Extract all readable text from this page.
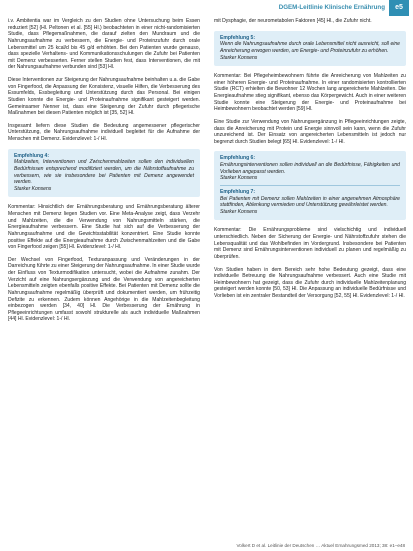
DGEM-Leitlinie Klinische Ernährung	e5

i.v. Ambitentia war im Vergleich zu den Studien ohne Untersuchung beim Essen reduziert [52] (Hl. Peltonen et al. [55] Hl.) beobachteten in einer nicht-randomisierten Studie, dass Pflegemaßnahmen, die darauf zielten den Mundraum und die Nahrungsaufnahme zu verbessern, die Energie- und Proteinzufuhr durch orale Lebensmittel um 25 kcal/d bis 45 g/d erhöhten. Bei den Patienten wurde genauso, dass spezielle Verhaltens- und Kommunikationsschulungen die Zufuhr bei Patienten mit Demenz verbesserten. Ferner stellen Studien fest, dass Interventionen, die mit der Nahrungsaufnahme verbunden sind [53] Hl.

Diese Interventionen zur Steigerung der Nahrungsaufnahme beinhalten u.a. die Gabe von Fingerfood, die Anpassung der Konsistenz, visuelle Hilfen, die Verbesserung des Essumfelds, Essbegleitung und Unterstützung durch das Personal. Bei einigen Studien konnte die Energie- und Proteinaufnahme signifikant gesteigert werden. Gemeinsamer Nenner ist, dass eine Steigerung der Zufuhr durch pflegerische Maßnahmen bei diesen Patienten möglich ist [35, 52] Hl.

Insgesamt liefern diese Studien die Bedeutung angemessener pflegerischer Unterstützung, die Nahrungsaufnahme individuell begleitet für die Aufnahme der Menschen mit Demenz. Evidenzlevel: 1-/ Hl.

Empfehlung 4:
Mahlzeiten, Interventionen und Zwischenmahlzeiten sollen den individuellen Bedürfnissen entsprechend modifiziert werden, um die Nährstoffaufnahme zu verbessern, wie sie insbesondere bei Patienten mit Demenz angewendet werden.
Starker Konsens

Kommentar: Hinsichtlich der Ernährungsberatung und Ernährungsberatung älterer Menschen mit Demenz liegen Studien vor. Eine Meta-Analyse zeigt, dass Verzehr und Mahlzeiten, die die Verwendung von Nahrungsmitteln stärken, die Energieaufnahme verbessern. Eine Studie hat sich auf die Verbesserung der Nahrungsaufnahme und die Gewichtsstabilität konzentriert. Eine Studie konnte positive Effekte auf die Energieaufnahme durch Zwischenmahlzeiten und die Gabe von Fingerfood zeigen [55] Hl. Evidenzlevel: 1-/ Hl.

Der Wechsel von Fingerfood, Texturanpassung und Veränderungen in der Darreichung führte zu einer Steigerung der Nahrungsaufnahme. In einer Studie wurde der Einfluss von Texturmodifikation untersucht, wobei die Aufnahme zunahm. Der Verzicht auf eine Nahrungsergänzung und die Verwendung von angereicherten Lebensmitteln zeigten ebenfalls positive Effekte. Bei Patienten mit Demenz sollte die Nahrungsaufnahme regelmäßig überprüft und dokumentiert werden, um frühzeitig Defizite zu erkennen. Zudem können Angehörige in die Mahlzeitenbegleitung einbezogen werden [34, 40] Hl. Die Verbesserung der Ernährung in Pflegeeinrichtungen umfasst sowohl strukturelle als auch individuelle Maßnahmen [44] Hl. Evidenzlevel: 1-/ Hl.

mit Dysphagie, der neurometabolen Faktoren [45] Hl., die Zufuhr nicht.

Empfehlung 5:
Wenn die Nahrungsaufnahme durch orale Lebensmittel nicht ausreicht, soll eine Anreicherung erwogen werden, um Energie- und Proteinzufuhr zu erhöhen.
Starker Konsens

Kommentar: Bei Pflegeheimbewohnern führte die Anreicherung von Mahlzeiten zu einer höheren Energie- und Proteinaufnahme. In einer randomisierten kontrollierten Studie (RCT) erhielten die Bewohner 12 Wochen lang angereicherte Mahlzeiten. Die Energieaufnahme stieg signifikant, ebenso das Körpergewicht. Auch in einer weiteren Studie konnte eine Steigerung der Energie- und Proteinaufnahme bei Heimbewohnern beobachtet werden [59] Hl.

Eine Studie zur Verwendung von Nahrungsergänzung in Pflegeeinrichtungen zeigte, dass die Anreicherung mit Protein und Energie sinnvoll sein kann, wenn die Zufuhr unzureichend ist. Der Einsatz von angereicherten Lebensmitteln ist jedoch nur begrenzt durch Studien belegt [65] Hl. Evidenzlevel: 1-/ Hl.

Empfehlung 6:
Ernährungsinterventionen sollen individuell an die Bedürfnisse, Fähigkeiten und Vorlieben angepasst werden.
Starker Konsens
Empfehlung 7:
Bei Patienten mit Demenz sollen Mahlzeiten in einer angenehmen Atmosphäre stattfinden, Ablenkung vermieden und Unterstützung gewährleistet werden.
Starker Konsens

Kommentar: Die Ernährungsprobleme sind vielschichtig und individuell unterschiedlich. Neben der Sicherung der Energie- und Nährstoffzufuhr stehen die Lebensqualität und das Wohlbefinden im Vordergrund. Insbesondere bei Patienten mit Demenz sind Ernährungsinterventionen individuell zu planen und regelmäßig zu überprüfen.

Von Studien haben in dem Bereich sehr hohe Bedeutung gezeigt, dass eine individuelle Betreuung die Nahrungsaufnahme verbessert. Auch eine Studie mit Heimbewohnern hat gezeigt, dass die Zufuhr durch individuelle Mahlzeitenplanung gesteigert werden konnte [50, 53] Hl. Die Anpassung an individuelle Bedürfnisse und Vorlieben ist ein zentraler Bestandteil der Versorgung [52, 55] Hl. Evidenzlevel: 1-/ Hl.

Volkert D et al. Leitlinie der Deutschen … Aktuel Ernahrungsmed 2013; 38: e1–e48
